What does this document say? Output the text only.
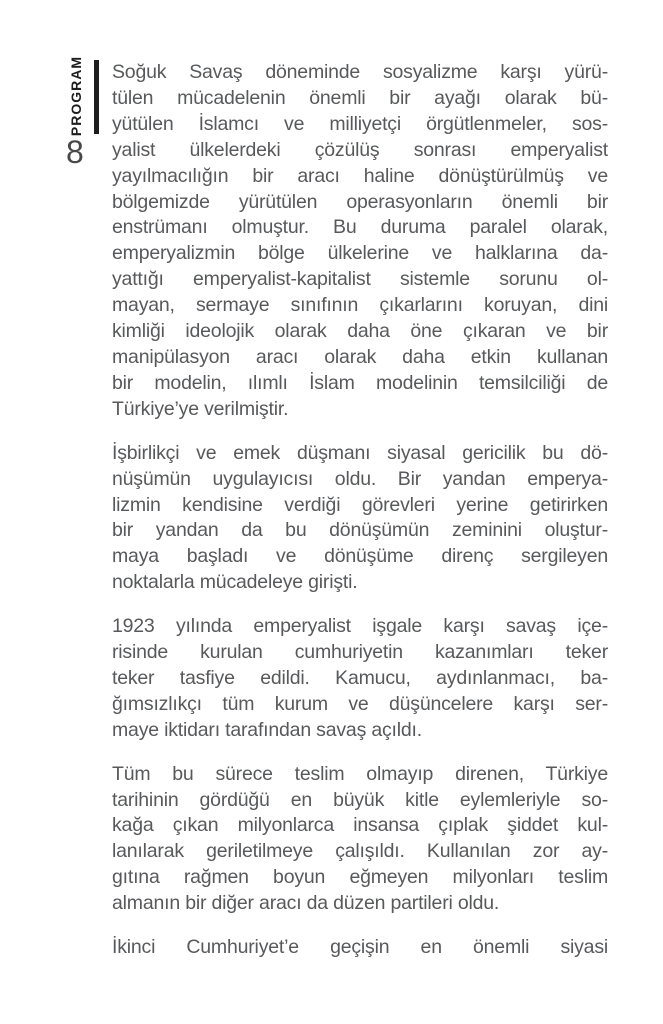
PROGRAM
8
Soğuk Savaş döneminde sosyalizme karşı yürü-
tülen mücadelenin önemli bir ayağı olarak bü-
yütülen İslamcı ve milliyetçi örgütlenmeler, sos-
yalist ülkelerdeki çözülüş sonrası emperyalist
yayılmacılığın bir aracı haline dönüştürülmüş ve
bölgemizde yürütülen operasyonların önemli bir
enstrümanı olmuştur. Bu duruma paralel olarak,
emperyalizmin bölge ülkelerine ve halklarına da-
yattığı emperyalist-kapitalist sistemle sorunu ol-
mayan, sermaye sınıfının çıkarlarını koruyan, dini
kimliği ideolojik olarak daha öne çıkaran ve bir
manipülasyon aracı olarak daha etkin kullanan
bir modelin, ılımlı İslam modelinin temsilciliği de
Türkiye’ye verilmiştir.
İşbirlikçi ve emek düşmanı siyasal gericilik bu dö-
nüşümün uygulayıcısı oldu. Bir yandan emperya-
lizmin kendisine verdiği görevleri yerine getirirken
bir yandan da bu dönüşümün zeminini oluştur-
maya başladı ve dönüşüme direnç sergileyen
noktalarla mücadeleye girişti.
1923 yılında emperyalist işgale karşı savaş içe-
risinde kurulan cumhuriyetin kazanımları teker
teker tasfiye edildi. Kamucu, aydınlanmacı, ba-
ğımsızlıkçı tüm kurum ve düşüncelere karşı ser-
maye iktidarı tarafından savaş açıldı.
Tüm bu sürece teslim olmayıp direnen, Türkiye
tarihinin gördüğü en büyük kitle eylemleriyle so-
kağa çıkan milyonlarca insansa çıplak şiddet kul-
lanılarak geriletilmeye çalışıldı. Kullanılan zor ay-
gıtına rağmen boyun eğmeyen milyonları teslim
almanın bir diğer aracı da düzen partileri oldu.
İkinci Cumhuriyet’e geçişin en önemli siyasi
